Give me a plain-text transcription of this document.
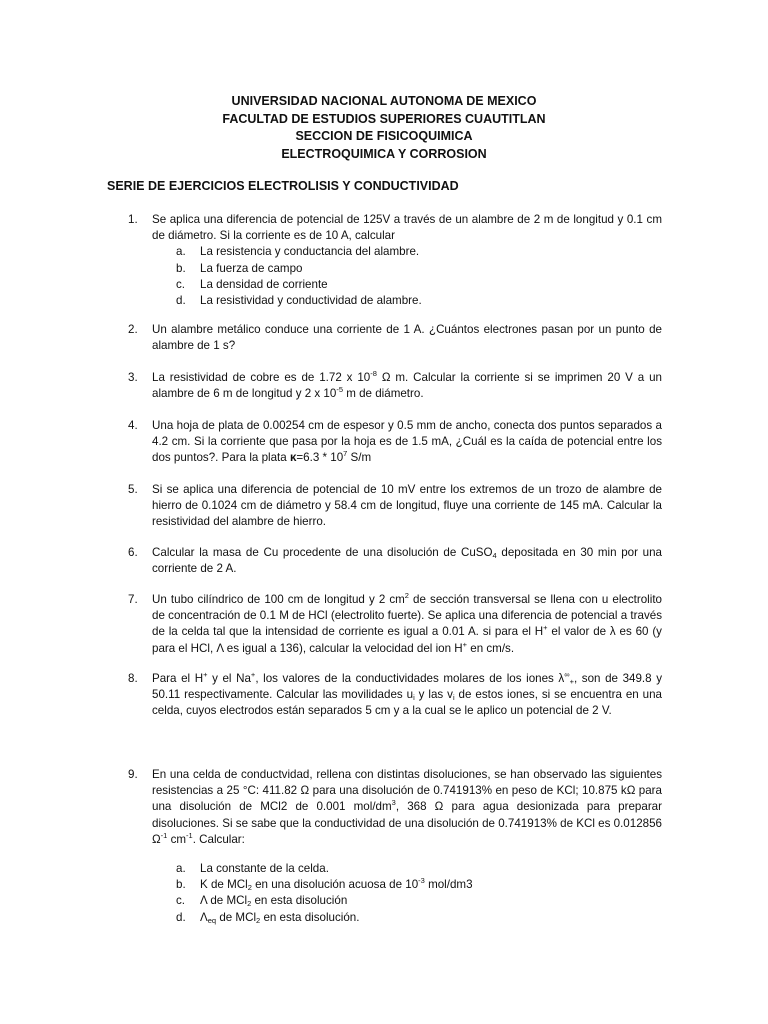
UNIVERSIDAD NACIONAL AUTONOMA DE MEXICO
FACULTAD DE ESTUDIOS SUPERIORES CUAUTITLAN
SECCION DE FISICOQUIMICA
ELECTROQUIMICA Y CORROSION
SERIE DE EJERCICIOS ELECTROLISIS Y CONDUCTIVIDAD
1. Se aplica una diferencia de potencial de 125V a través de un alambre de 2 m de longitud y 0.1 cm de diámetro. Si la corriente es de 10 A, calcular
a. La resistencia y conductancia del alambre.
b. La fuerza de campo
c. La densidad de corriente
d. La resistividad y conductividad de alambre.
2. Un alambre metálico conduce una corriente de 1 A. ¿Cuántos electrones pasan por un punto de alambre de 1 s?
3. La resistividad de cobre es de 1.72 x $10^{-8}$ Ω m. Calcular la corriente si se imprimen 20 V a un alambre de 6 m de longitud y 2 x $10^{-5}$ m de diámetro.
4. Una hoja de plata de 0.00254 cm de espesor y 0.5 mm de ancho, conecta dos puntos separados a 4.2 cm. Si la corriente que pasa por la hoja es de 1.5 mA, ¿Cuál es la caída de potencial entre los dos puntos?. Para la plata $\kappa=6.3 * 10^7$ S/m
5. Si se aplica una diferencia de potencial de 10 mV entre los extremos de un trozo de alambre de hierro de 0.1024 cm de diámetro y 58.4 cm de longitud, fluye una corriente de 145 mA. Calcular la resistividad del alambre de hierro.
6. Calcular la masa de Cu procedente de una disolución de CuSO$_4$ depositada en 30 min por una corriente de 2 A.
7. Un tubo cilíndrico de 100 cm de longitud y 2 $cm^2$ de sección transversal se llena con u electrolito de concentración de 0.1 M de HCl (electrolito fuerte). Se aplica una diferencia de potencial a través de la celda tal que la intensidad de corriente es igual a 0.01 A. si para el H+ el valor de λ es 60 (y para el HCl, Λ es igual a 136), calcular la velocidad del ion H+ en cm/s.
8. Para el H+ y el Na+, los valores de la conductividades molares de los iones $\lambda^\infty_+$, son de 349.8 y 50.11 respectivamente. Calcular las movilidades $u_i$ y las $v_i$ de estos iones, si se encuentra en una celda, cuyos electrodos están separados 5 cm y a la cual se le aplico un potencial de 2 V.
9. En una celda de conductvidad, rellena con distintas disoluciones, se han observado las siguientes resistencias a 25 °C: 411.82 Ω para una disolución de 0.741913% en peso de KCl; 10.875 kΩ para una disolución de MCl2 de 0.001 mol/$dm^3$, 368 Ω para agua desionizada para preparar disoluciones. Si se sabe que la conductividad de una disolución de 0.741913% de KCl es 0.012856 $\Omega^{-1}$ $cm^{-1}$. Calcular:
a. La constante de la celda.
b. K de MCl$_2$ en una disolución acuosa de $10^{-3}$ mol/dm3
c. Λ de MCl$_2$ en esta disolución
d. $\Lambda_{eq}$ de MCl$_2$ en esta disolución.
